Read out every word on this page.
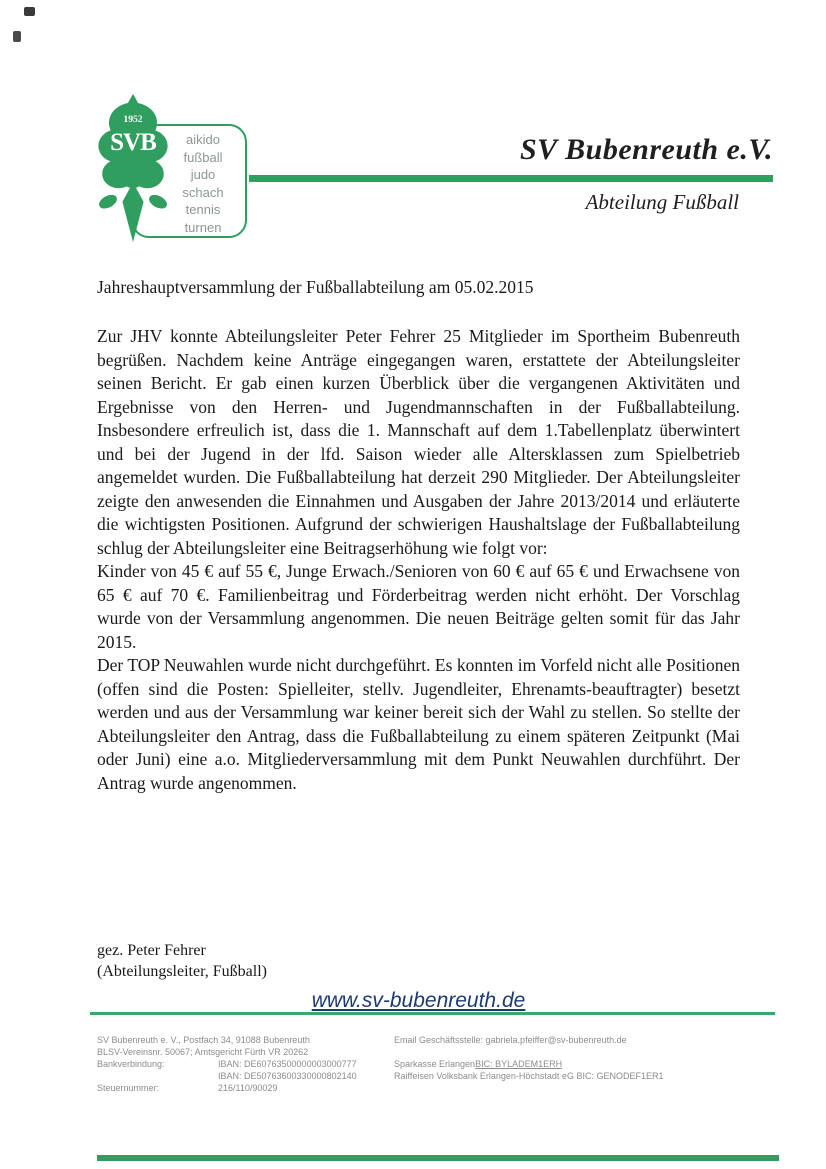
aikido
fußball
judo
schach
tennis
turnen
1952
SVB	SV Bubenreuth e.V.
Abteilung Fußball
Jahreshauptversammlung der Fußballabteilung am 05.02.2015

Zur JHV konnte Abteilungsleiter Peter Fehrer 25 Mitglieder im Sportheim Bubenreuth begrüßen. Nachdem keine Anträge eingegangen waren, erstattete der Abteilungsleiter seinen Bericht. Er gab einen kurzen Überblick über die vergangenen Aktivitäten und Ergebnisse von den Herren- und Jugendmannschaften in der Fußballabteilung. Insbesondere erfreulich ist, dass die 1. Mannschaft auf dem 1.Tabellenplatz überwintert und bei der Jugend in der lfd. Saison wieder alle Altersklassen zum Spielbetrieb angemeldet wurden. Die Fußballabteilung hat derzeit 290 Mitglieder. Der Abteilungsleiter zeigte den anwesenden die Einnahmen und Ausgaben der Jahre 2013/2014 und erläuterte die wichtigsten Positionen. Aufgrund der schwierigen Haushaltslage der Fußballabteilung schlug der Abteilungsleiter eine Beitragserhöhung wie folgt vor:

Kinder von 45 € auf 55 €, Junge Erwach./Senioren von 60 € auf 65 € und Erwachsene von 65 € auf 70 €. Familienbeitrag und Förderbeitrag werden nicht erhöht. Der Vorschlag wurde von der Versammlung angenommen. Die neuen Beiträge gelten somit für das Jahr 2015.

Der TOP Neuwahlen wurde nicht durchgeführt. Es konnten im Vorfeld nicht alle Positionen (offen sind die Posten: Spielleiter, stellv. Jugendleiter, Ehrenamts-beauftragter) besetzt werden und aus der Versammlung war keiner bereit sich der Wahl zu stellen. So stellte der Abteilungsleiter den Antrag, dass die Fußballabteilung zu einem späteren Zeitpunkt (Mai oder Juni) eine a.o. Mitgliederversammlung mit dem Punkt Neuwahlen durchführt. Der Antrag wurde angenommen.

gez. Peter Fehrer
(Abteilungsleiter, Fußball)
www.sv-bubenreuth.de
SV Bubenreuth e. V., Postfach 34, 91088 Bubenreuth
BLSV-Vereinsnr. 50067; Amtsgericht Fürth VR 20262
Bankverbindung:	IBAN: DE60763500000003000777
IBAN: DE50763600330000802140
Steuernummer:	216/110/90029
Email Geschäftsstelle: gabriela.pfeiffer@sv-bubenreuth.de
Sparkasse Erlangen BIC: BYLADEM1ERH
Raiffeisen Volksbank Erlangen-Höchstadt eG BIC: GENODEF1ER1
